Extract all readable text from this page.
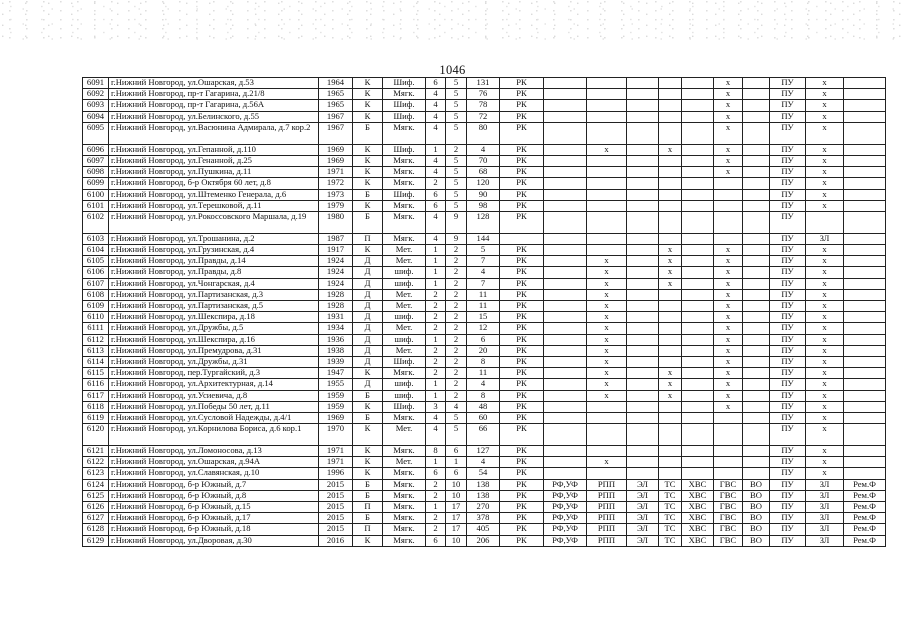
1046
6091	г.Нижний Новгород, ул.Ошарская, д.53	1964	К	Шиф.	6	5	131	РК						х		ПУ	х	
6092	г.Нижний Новгород, пр-т Гагарина, д.21/8	1965	К	Мягк.	4	5	76	РК						х		ПУ	х	
6093	г.Нижний Новгород, пр-т Гагарина, д.56А	1965	К	Шиф.	4	5	78	РК						х		ПУ	х	
6094	г.Нижний Новгород, ул.Белинского, д.55	1967	К	Шиф.	4	5	72	РК						х		ПУ	х	
6095	г.Нижний Новгород, ул.Васюнина Адмирала, д.7 кор.2	1967	Б	Мягк.	4	5	80	РК						х		ПУ	х	
6096	г.Нижний Новгород, ул.Гепанной, д.110	1969	К	Шиф.	1	2	4	РК		х		х		х		ПУ	х	
6097	г.Нижний Новгород, ул.Генанной, д.25	1969	К	Мягк.	4	5	70	РК						х		ПУ	х	
6098	г.Нижний Новгород, ул.Пушкина, д.11	1971	К	Мягк.	4	5	68	РК						х		ПУ	х	
6099	г.Нижний Новгород, б-р Октября 60 лет, д.8	1972	К	Мягк.	2	5	120	РК								ПУ	х	
6100	г.Нижний Новгород, ул.Штеменко Генерала, д.6	1973	Б	Шиф.	6	5	90	РК								ПУ	х	
6101	г.Нижний Новгород, ул.Терешковой, д.11	1979	К	Мягк.	6	5	98	РК								ПУ	х	
6102	г.Нижний Новгород, ул.Рокоссовского Маршала, д.19	1980	Б	Мягк.	4	9	128	РК								ПУ		
6103	г.Нижний Новгород, ул.Трошанина, д.2	1987	П	Мягк.	4	9	144									ПУ	ЗЛ	
6104	г.Нижний Новгород, ул.Грузинская, д.4	1917	К	Мет.	1	2	5	РК				х		х		ПУ	х	
6105	г.Нижний Новгород, ул.Правды, д.14	1924	Д	Мет.	1	2	7	РК		х		х		х		ПУ	х	
6106	г.Нижний Новгород, ул.Правды, д.8	1924	Д	шиф.	1	2	4	РК		х		х		х		ПУ	х	
6107	г.Нижний Новгород, ул.Чонгарская, д.4	1924	Д	шиф.	1	2	7	РК		х		х		х		ПУ	х	
6108	г.Нижний Новгород, ул.Партизанская, д.3	1928	Д	Мет.	2	2	11	РК		х				х		ПУ	х	
6109	г.Нижний Новгород, ул.Партизанская, д.5	1928	Д	Мет.	2	2	11	РК		х				х		ПУ	х	
6110	г.Нижний Новгород, ул.Шекспира, д.18	1931	Д	шиф.	2	2	15	РК		х				х		ПУ	х	
6111	г.Нижний Новгород, ул.Дружбы, д.5	1934	Д	Мет.	2	2	12	РК		х				х		ПУ	х	
6112	г.Нижний Новгород, ул.Шекспира, д.16	1936	Д	шиф.	1	2	6	РК		х				х		ПУ	х	
6113	г.Нижний Новгород, ул.Премудрова, д.31	1938	Д	Мет.	2	2	20	РК		х				х		ПУ	х	
6114	г.Нижний Новгород, ул.Дружбы, д.31	1939	Д	Шиф.	2	2	8	РК		х				х		ПУ	х	
6115	г.Нижний Новгород, пер.Тургайский, д.3	1947	К	Мягк.	2	2	11	РК		х		х		х		ПУ	х	
6116	г.Нижний Новгород, ул.Архитектурная, д.14	1955	Д	шиф.	1	2	4	РК		х		х		х		ПУ	х	
6117	г.Нижний Новгород, ул.Усиевича, д.8	1959	Б	шиф.	1	2	8	РК		х		х		х		ПУ	х	
6118	г.Нижний Новгород, ул.Победы 50 лет, д.11	1959	К	Шиф.	3	4	48	РК						х		ПУ	х	
6119	г.Нижний Новгород, ул.Сусловой Надежды, д.4/1	1969	Б	Мягк.	4	5	60	РК								ПУ	х	
6120	г.Нижний Новгород, ул.Корнилова Бориса, д.6 кор.1	1970	К	Мет.	4	5	66	РК								ПУ	х	
6121	г.Нижний Новгород, ул.Ломоносова, д.13	1971	К	Мягк.	8	6	127	РК								ПУ	х	
6122	г.Нижний Новгород, ул.Ошарская, д.94А	1971	К	Мет.	1	1	4	РК		х						ПУ	х	
6123	г.Нижний Новгород, ул.Славянская, д.10	1996	К	Мягк.	6	6	54	РК								ПУ	х	
6124	г.Нижний Новгород, б-р Южный, д.7	2015	Б	Мягк.	2	10	138	РК	РФ,УФ	РПП	ЭЛ	ТС	ХВС	ГВС	ВО	ПУ	ЗЛ	Рем.Ф
6125	г.Нижний Новгород, б-р Южный, д.8	2015	Б	Мягк.	2	10	138	РК	РФ,УФ	РПП	ЭЛ	ТС	ХВС	ГВС	ВО	ПУ	ЗЛ	Рем.Ф
6126	г.Нижний Новгород, б-р Южный, д.15	2015	П	Мягк.	1	17	270	РК	РФ,УФ	РПП	ЭЛ	ТС	ХВС	ГВС	ВО	ПУ	ЗЛ	Рем.Ф
6127	г.Нижний Новгород, б-р Южный, д.17	2015	Б	Мягк.	2	17	378	РК	РФ,УФ	РПП	ЭЛ	ТС	ХВС	ГВС	ВО	ПУ	ЗЛ	Рем.Ф
6128	г.Нижний Новгород, б-р Южный, д.18	2015	П	Мягк.	2	17	405	РК	РФ,УФ	РПП	ЭЛ	ТС	ХВС	ГВС	ВО	ПУ	ЗЛ	Рем.Ф
6129	г.Нижний Новгород, ул.Дворовая, д.30	2016	К	Мягк.	6	10	206	РК	РФ,УФ	РПП	ЭЛ	ТС	ХВС	ГВС	ВО	ПУ	ЗЛ	Рем.Ф
